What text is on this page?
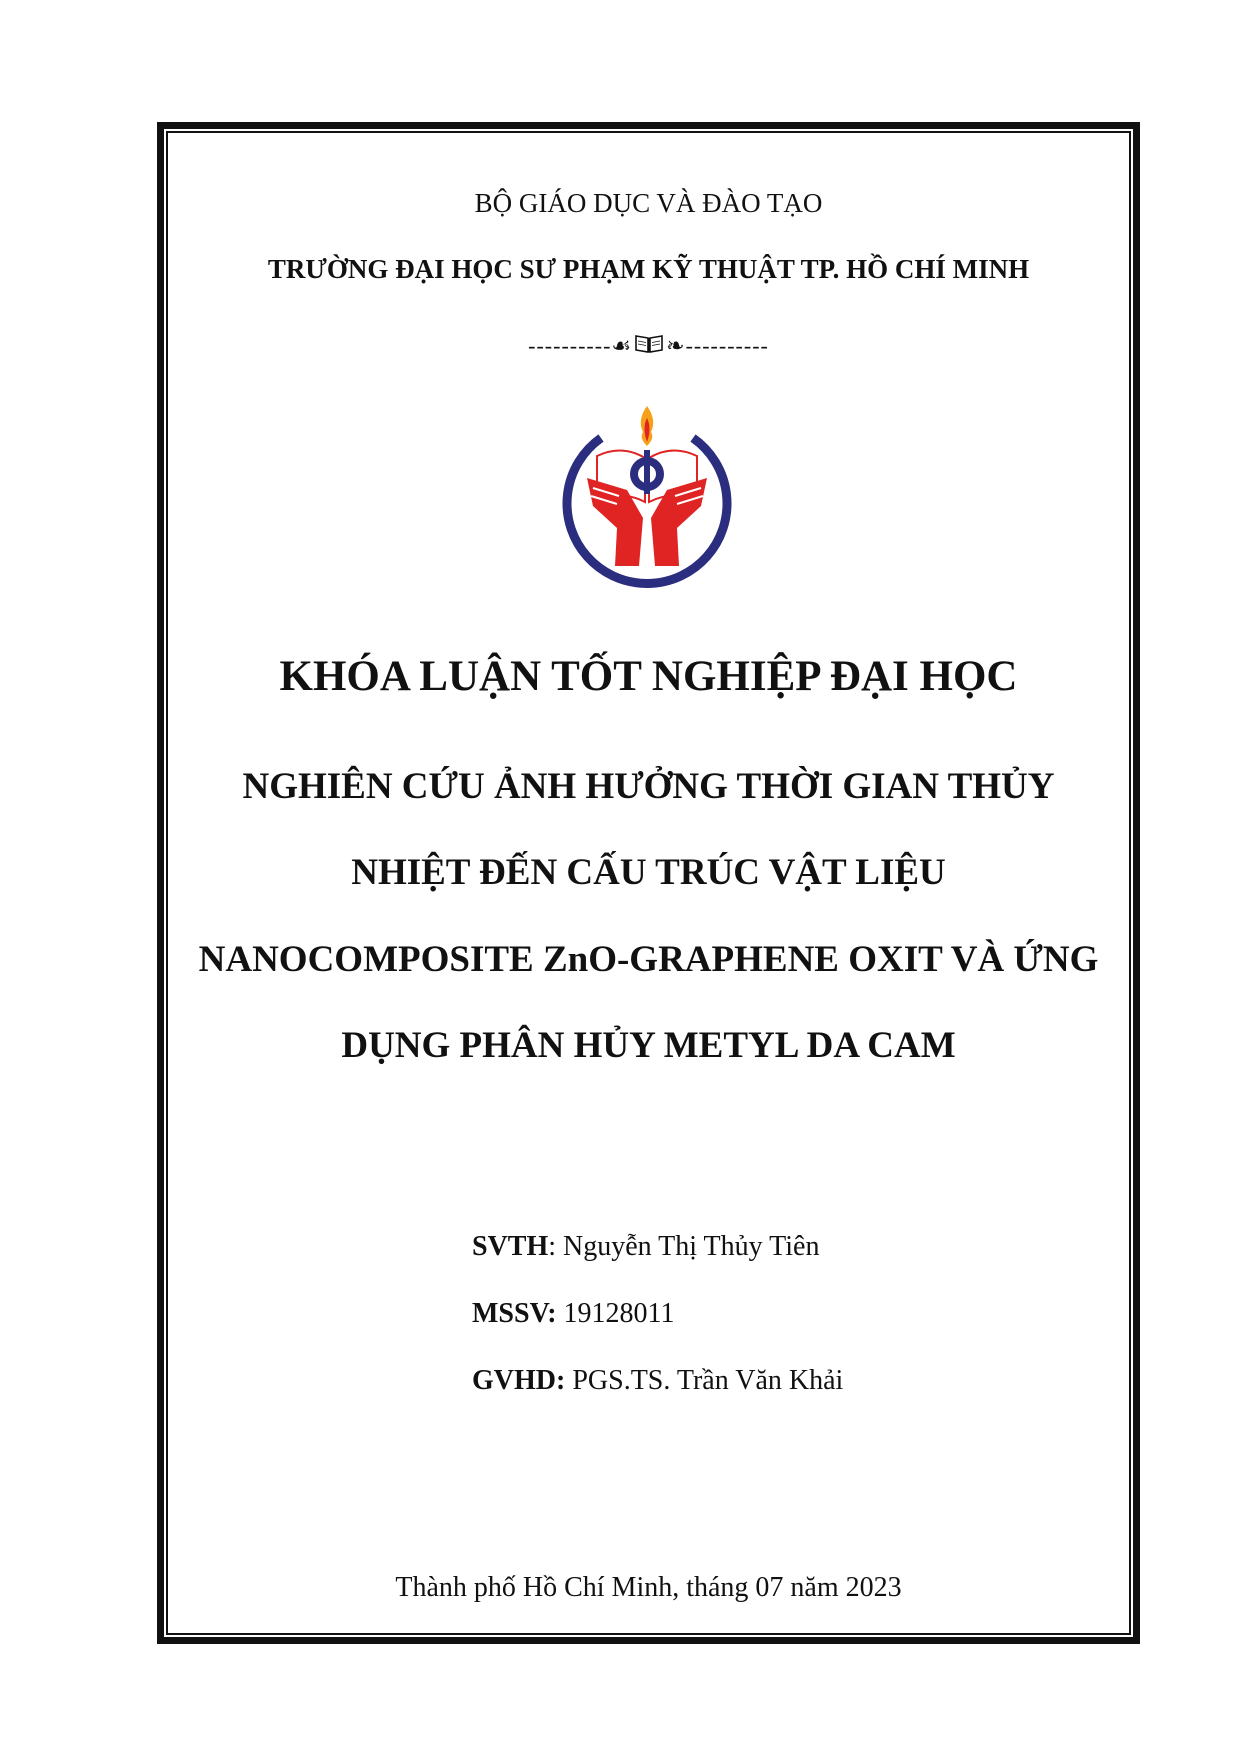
BỘ GIÁO DỤC VÀ ĐÀO TẠO
TRƯỜNG ĐẠI HỌC SƯ PHẠM KỸ THUẬT TP. HỒ CHÍ MINH
---------- ☙ ❧ ----------
KHÓA LUẬN TỐT NGHIỆP ĐẠI HỌC
NGHIÊN CỨU ẢNH HƯỞNG THỜI GIAN THỦY
NHIỆT ĐẾN CẤU TRÚC VẬT LIỆU
NANOCOMPOSITE ZnO-GRAPHENE OXIT VÀ ỨNG
DỤNG PHÂN HỦY METYL DA CAM
SVTH: Nguyễn Thị Thủy Tiên
MSSV: 19128011
GVHD: PGS.TS. Trần Văn Khải
Thành phố Hồ Chí Minh, tháng 07 năm 2023
